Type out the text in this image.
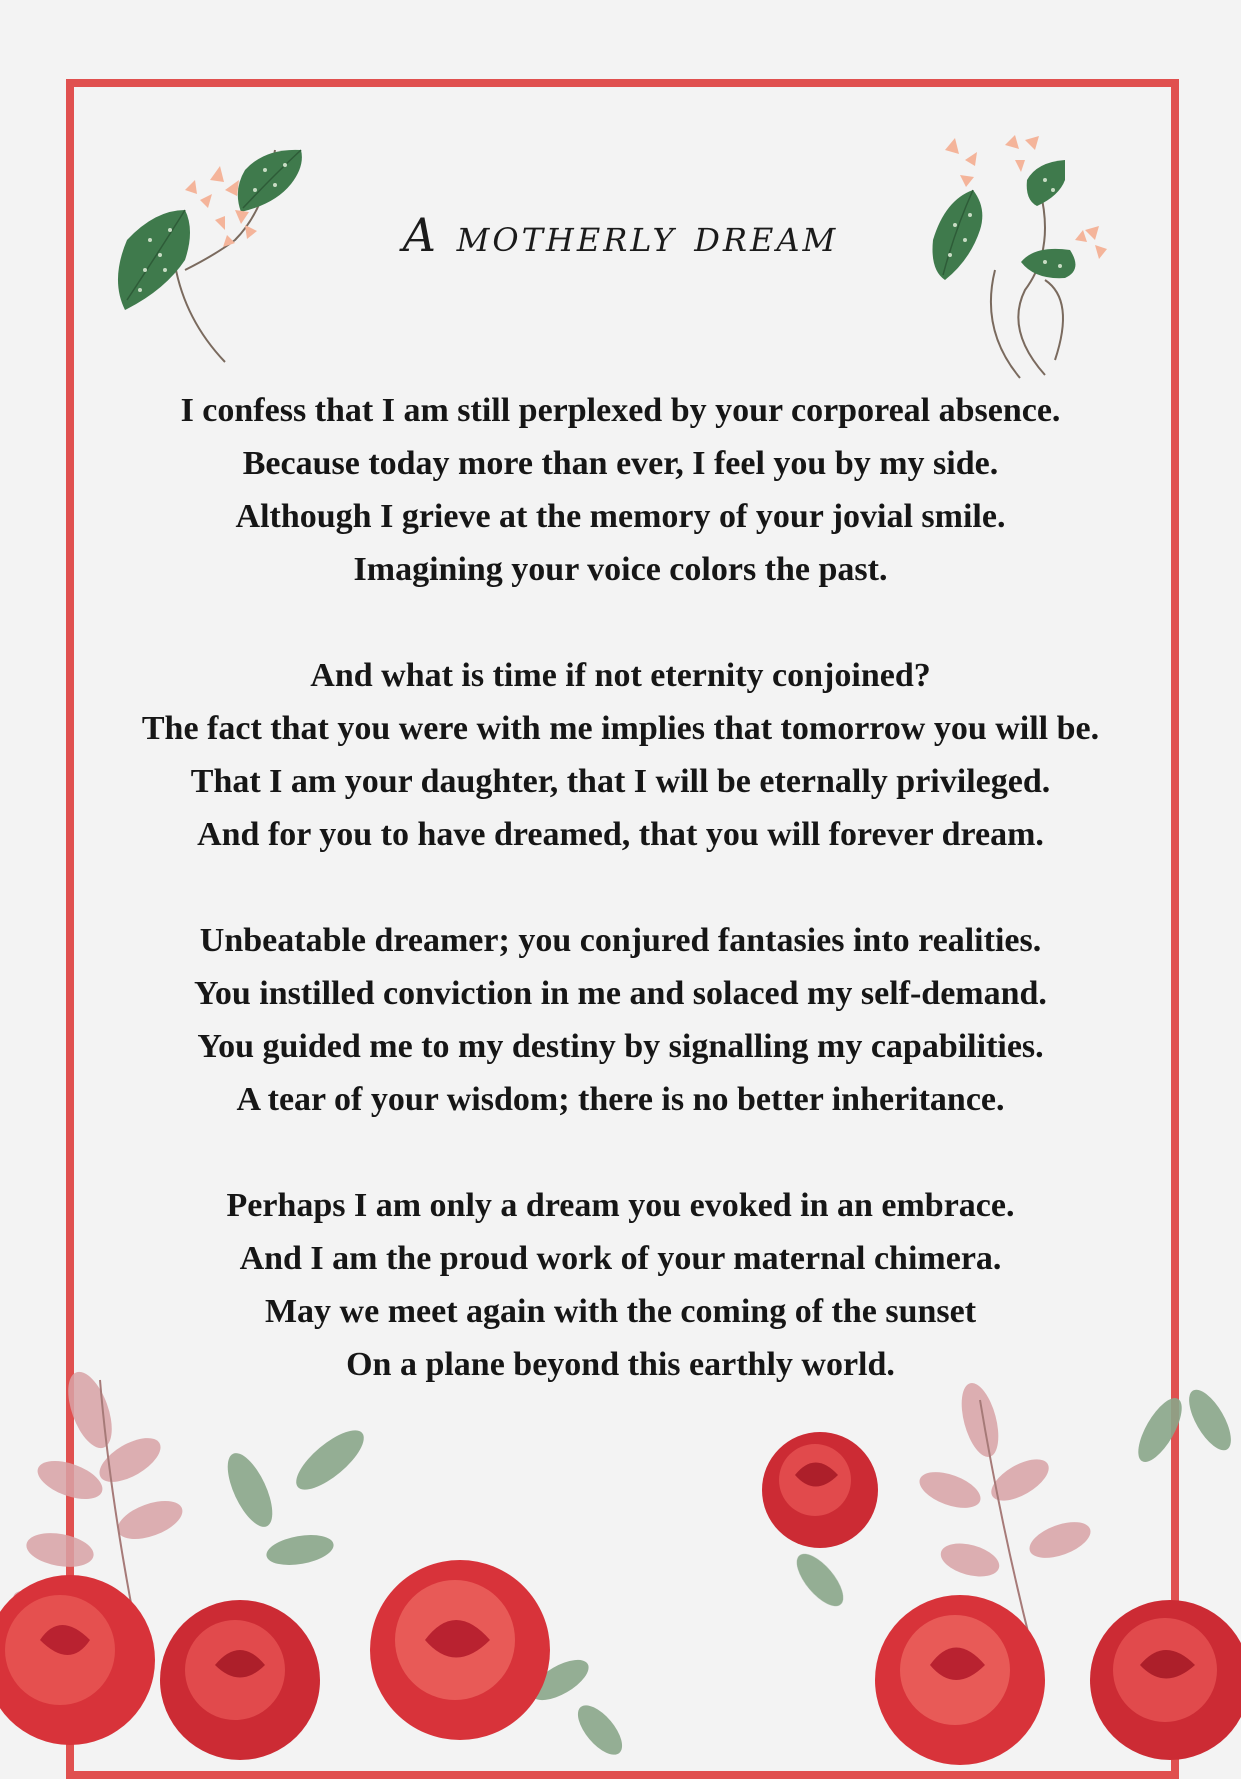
A motherly dream
I confess that I am still perplexed by your corporeal absence.
Because today more than ever, I feel you by my side.
Although I grieve at the memory of your jovial smile.
Imagining your voice colors the past.
And what is time if not eternity conjoined?
The fact that you were with me implies that tomorrow you will be.
That I am your daughter, that I will be eternally privileged.
And for you to have dreamed, that you will forever dream.
Unbeatable dreamer; you conjured fantasies into realities.
You instilled conviction in me and solaced my self-demand.
You guided me to my destiny by signalling my capabilities.
A tear of your wisdom; there is no better inheritance.
Perhaps I am only a dream you evoked in an embrace.
And I am the proud work of your maternal chimera.
May we meet again with the coming of the sunset
On a plane beyond this earthly world.
